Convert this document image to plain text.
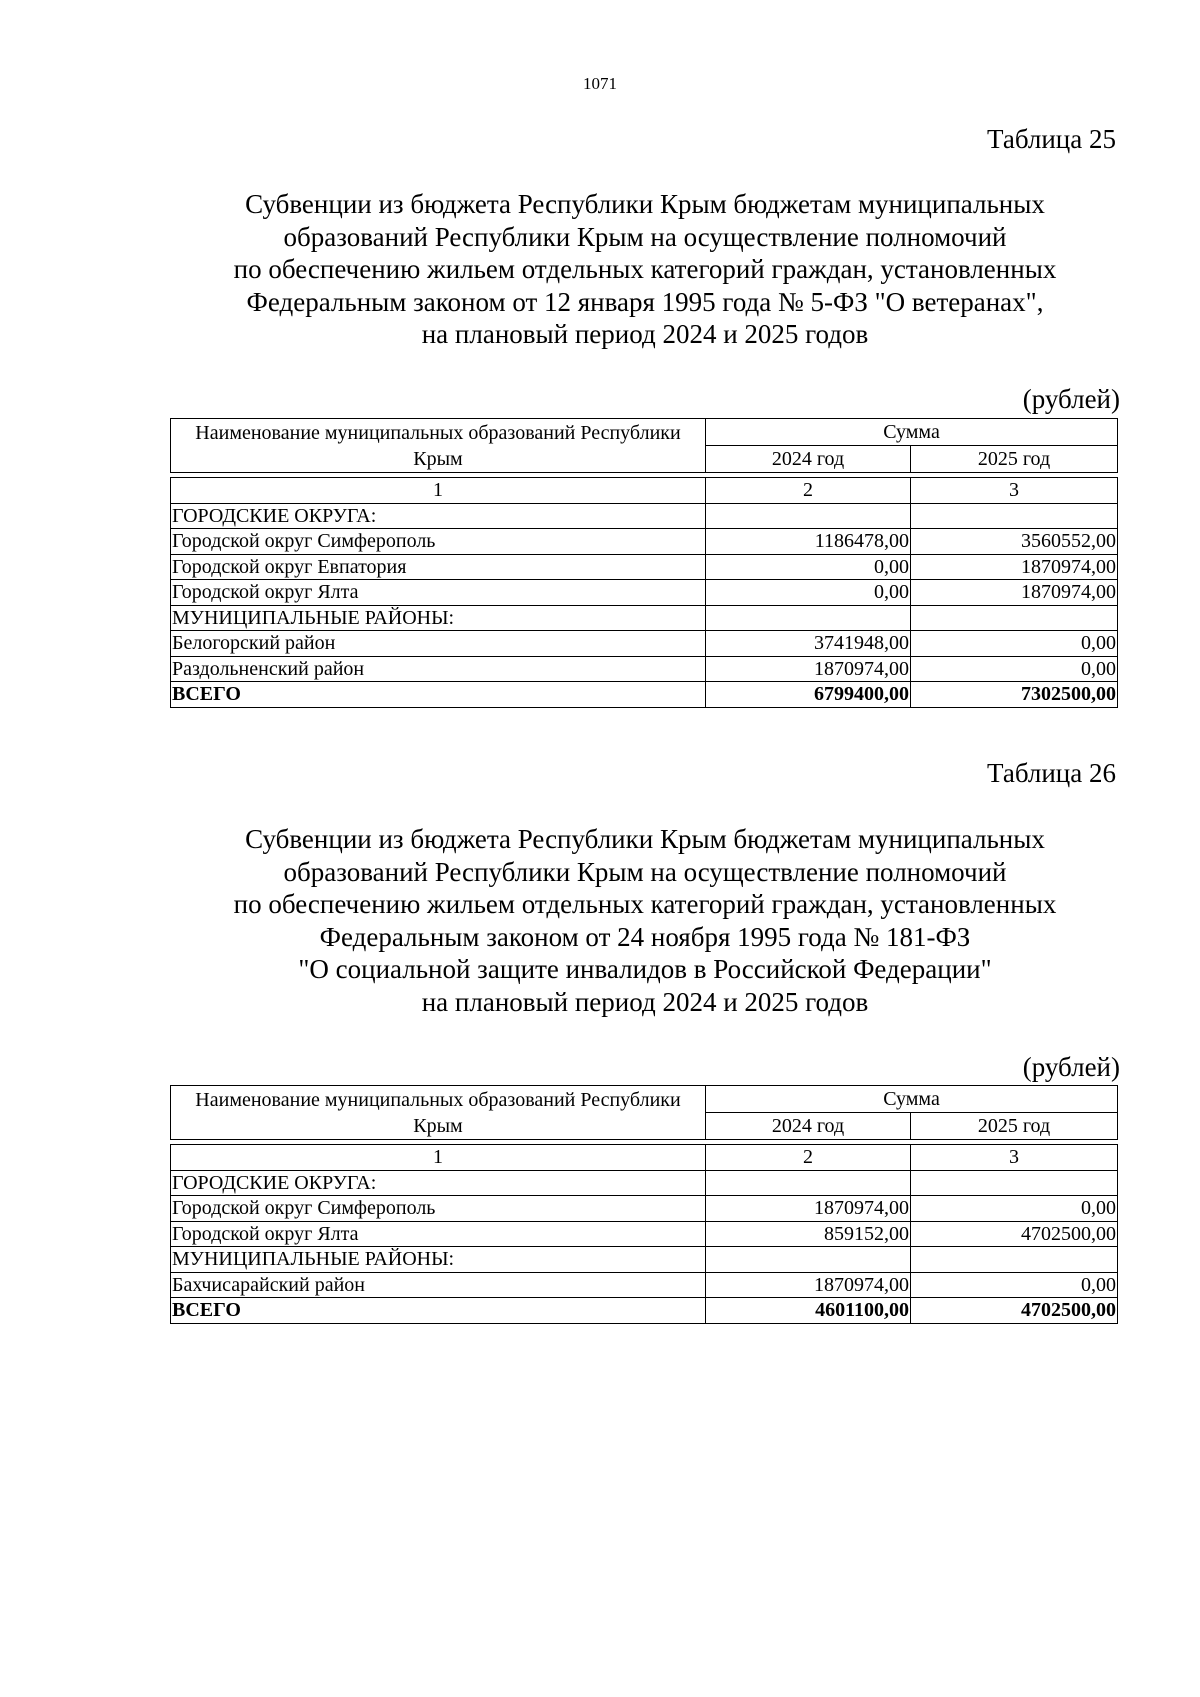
1071
Таблица 25
Субвенции из бюджета Республики Крым бюджетам муниципальных
образований Республики Крым на осуществление полномочий
по обеспечению жильем отдельных категорий граждан, установленных
Федеральным законом от 12 января 1995 года № 5-ФЗ "О ветеранах",
на плановый период 2024 и 2025 годов
(рублей)
Наименование муниципальных образований Республики Крым	Сумма	
	2024 год	2025 год

1	2	3
ГОРОДСКИЕ ОКРУГА:		
Городской округ Симферополь	1186478,00	3560552,00
Городской округ Евпатория	0,00	1870974,00
Городской округ Ялта	0,00	1870974,00
МУНИЦИПАЛЬНЫЕ РАЙОНЫ:		
Белогорский район	3741948,00	0,00
Раздольненский район	1870974,00	0,00
ВСЕГО	6799400,00	7302500,00
Таблица 26
Субвенции из бюджета Республики Крым бюджетам муниципальных
образований Республики Крым на осуществление полномочий
по обеспечению жильем отдельных категорий граждан, установленных
Федеральным законом от 24 ноября 1995 года № 181-ФЗ
"О социальной защите инвалидов в Российской Федерации"
на плановый период 2024 и 2025 годов
(рублей)
Наименование муниципальных образований Республики Крым	Сумма	
	2024 год	2025 год

1	2	3
ГОРОДСКИЕ ОКРУГА:		
Городской округ Симферополь	1870974,00	0,00
Городской округ Ялта	859152,00	4702500,00
МУНИЦИПАЛЬНЫЕ РАЙОНЫ:		
Бахчисарайский район	1870974,00	0,00
ВСЕГО	4601100,00	4702500,00
